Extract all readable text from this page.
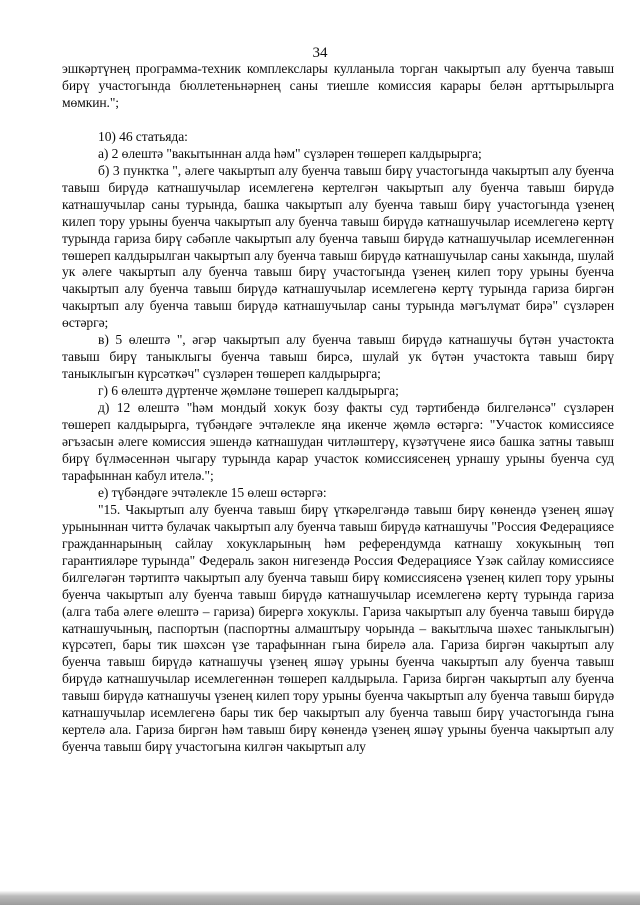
34

эшкәртүнең программа-техник комплекслары кулланыла торган чакыртып алу буенча тавыш бирү участогында бюллетеньнәрнең саны тиешле комиссия карары белән арттырылырга мөмкин.";

10) 46 статьяда:

а) 2 өлештә "вакытыннан алда һәм" сүзләрен төшереп калдырырга;

б) 3 пунктка ", әлеге чакыртып алу буенча тавыш бирү участогында чакыртып алу буенча тавыш бирүдә катнашучылар исемлегенә кертелгән чакыртып алу буенча тавыш бирүдә катнашучылар саны турында, башка чакыртып алу буенча тавыш бирү участогында үзенең килеп тору урыны буенча чакыртып алу буенча тавыш бирүдә катнашучылар исемлегенә кертү турында гариза бирү сәбәпле чакыртып алу буенча тавыш бирүдә катнашучылар исемлегеннән төшереп калдырылган чакыртып алу буенча тавыш бирүдә катнашучылар саны хакында, шулай ук әлеге чакыртып алу буенча тавыш бирү участогында үзенең килеп тору урыны буенча чакыртып алу буенча тавыш бирүдә катнашучылар исемлегенә кертү турында гариза биргән чакыртып алу буенча тавыш бирүдә катнашучылар саны турында мәгълүмат бирә" сүзләрен өстәргә;

в) 5 өлештә ", әгәр чакыртып алу буенча тавыш бирүдә катнашучы бүтән участокта тавыш бирү таныклыгы буенча тавыш бирсә, шулай ук бүтән участокта тавыш бирү таныклыгын күрсәткәч" сүзләрен төшереп калдырырга;

г) 6 өлештә дүртенче җөмләне төшереп калдырырга;

д) 12 өлештә "һәм мондый хокук бозу факты суд тәртибендә билгеләнсә" сүзләрен төшереп калдырырга, түбәндәге эчтәлекле яңа икенче җөмлә өстәргә: "Участок комиссиясе әгъзасын әлеге комиссия эшендә катнашудан читләштерү, күзәтүчене яисә башка затны тавыш бирү бүлмәсеннән чыгару турында карар участок комиссиясенең урнашу урыны буенча суд тарафыннан кабул ителә.";

е) түбәндәге эчтәлекле 15 өлеш өстәргә:

"15. Чакыртып алу буенча тавыш бирү үткәрелгәндә тавыш бирү көнендә үзенең яшәү урыныннан читтә булачак чакыртып алу буенча тавыш бирүдә катнашучы "Россия Федерациясе гражданнарының сайлау хокукларының һәм референдумда катнашу хокукының төп гарантияләре турында" Федераль закон нигезендә Россия Федерациясе Үзәк сайлау комиссиясе билгеләгән тәртиптә чакыртып алу буенча тавыш бирү комиссиясенә үзенең килеп тору урыны буенча чакыртып алу буенча тавыш бирүдә катнашучылар исемлегенә кертү турында гариза (алга таба әлеге өлештә – гариза) бирергә хокуклы. Гариза чакыртып алу буенча тавыш бирүдә катнашучының, паспортын (паспортны алмаштыру чорында – вакытлыча шәхес таныклыгын) күрсәтеп, бары тик шәхсән үзе тарафыннан гына бирелә ала. Гариза биргән чакыртып алу буенча тавыш бирүдә катнашучы үзенең яшәү урыны буенча чакыртып алу буенча тавыш бирүдә катнашучылар исемлегеннән төшереп калдырыла. Гариза биргән чакыртып алу буенча тавыш бирүдә катнашучы үзенең килеп тору урыны буенча чакыртып алу буенча тавыш бирүдә катнашучылар исемлегенә бары тик бер чакыртып алу буенча тавыш бирү участогында гына кертелә ала. Гариза биргән һәм тавыш бирү көнендә үзенең яшәү урыны буенча чакыртып алу буенча тавыш бирү участогына килгән чакыртып алу
